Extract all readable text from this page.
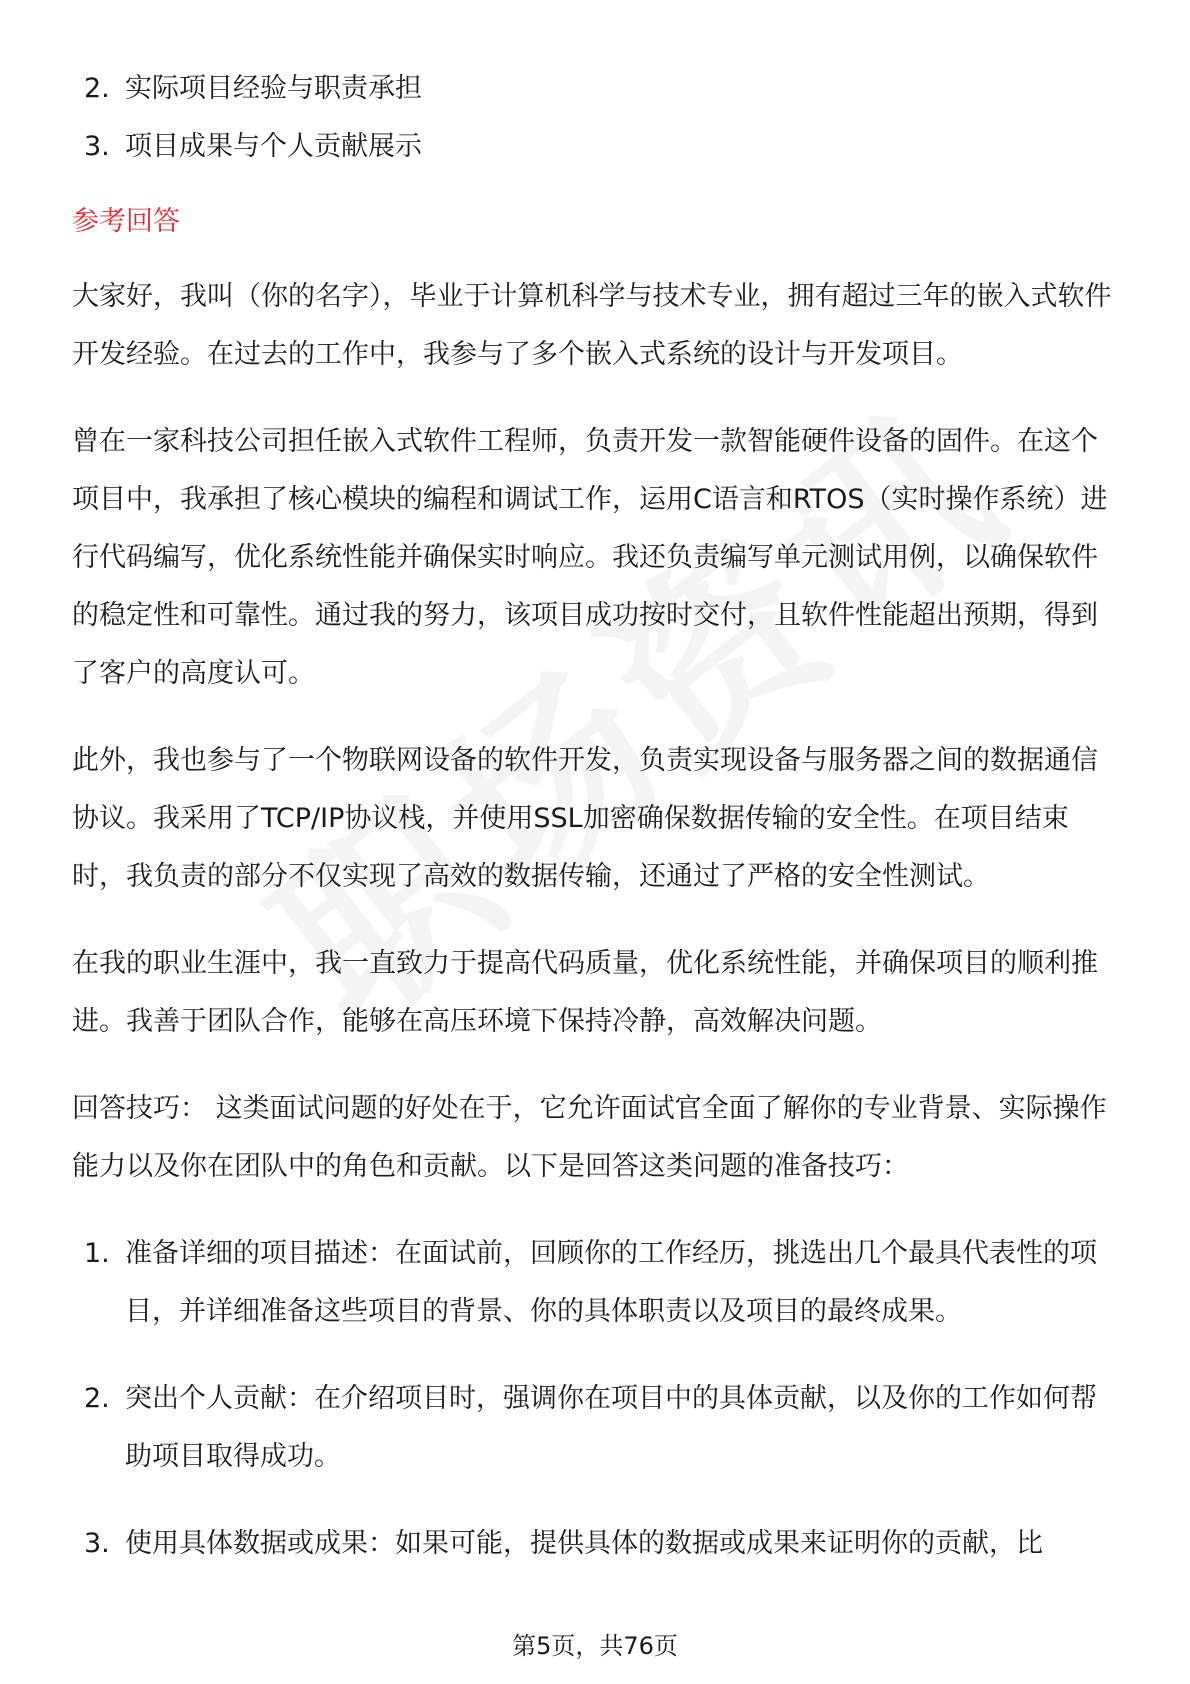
2. 实际项目经验与职责承担
3. 项目成果与个人贡献展示
参考回答
大家好，我叫（你的名字），毕业于计算机科学与技术专业，拥有超过三年的嵌入式软件开发经验。在过去的工作中，我参与了多个嵌入式系统的设计与开发项目。
曾在一家科技公司担任嵌入式软件工程师，负责开发一款智能硬件设备的固件。在这个项目中，我承担了核心模块的编程和调试工作，运用C语言和RTOS（实时操作系统）进行代码编写，优化系统性能并确保实时响应。我还负责编写单元测试用例，以确保软件的稳定性和可靠性。通过我的努力，该项目成功按时交付，且软件性能超出预期，得到了客户的高度认可。
此外，我也参与了一个物联网设备的软件开发，负责实现设备与服务器之间的数据通信协议。我采用了TCP/IP协议栈，并使用SSL加密确保数据传输的安全性。在项目结束时，我负责的部分不仅实现了高效的数据传输，还通过了严格的安全性测试。
在我的职业生涯中，我一直致力于提高代码质量，优化系统性能，并确保项目的顺利推进。我善于团队合作，能够在高压环境下保持冷静，高效解决问题。
回答技巧： 这类面试问题的好处在于，它允许面试官全面了解你的专业背景、实际操作能力以及你在团队中的角色和贡献。以下是回答这类问题的准备技巧：
1. 准备详细的项目描述：在面试前，回顾你的工作经历，挑选出几个最具代表性的项目，并详细准备这些项目的背景、你的具体职责以及项目的最终成果。
2. 突出个人贡献：在介绍项目时，强调你在项目中的具体贡献，以及你的工作如何帮助项目取得成功。
3. 使用具体数据或成果：如果可能，提供具体的数据或成果来证明你的贡献，比
第5页，共76页
